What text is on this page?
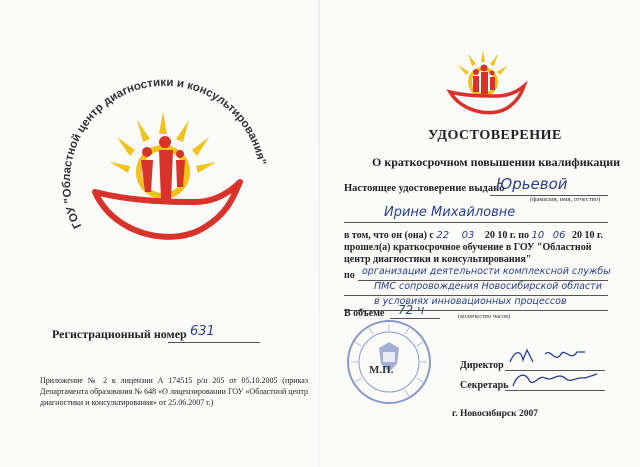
ГОУ "Областной центр диагностики и консультирования"
Регистрационный номер 631
Приложение № 2 к лицензии А 174515 р/н 205 от 05.10.2005 (приказ Департамента образования № 648 «О лицензировании ГОУ «Областной центр диагностики и консультирования» от 25.06.2007 г.)
УДОСТОВЕРЕНИЕ
О краткосрочном повышении квалификации
Настоящее удостоверение выдано
Юрьевой
(фамилия, имя, отчество)
Ирине Михайловне
в том, что он (она) с 22 03 20 10 г. по 10 06 20 10 г.
прошел(а) краткосрочное обучение в ГОУ "Областной центр диагностики и консультирования"
по организации деятельности комплексной службы
ПМС сопровождения Новосибирской области
в условиях инновационных процессов
В объеме 72 ч	(количество часов)
М.П.	Директор
Секретарь
г. Новосибирск 2007
